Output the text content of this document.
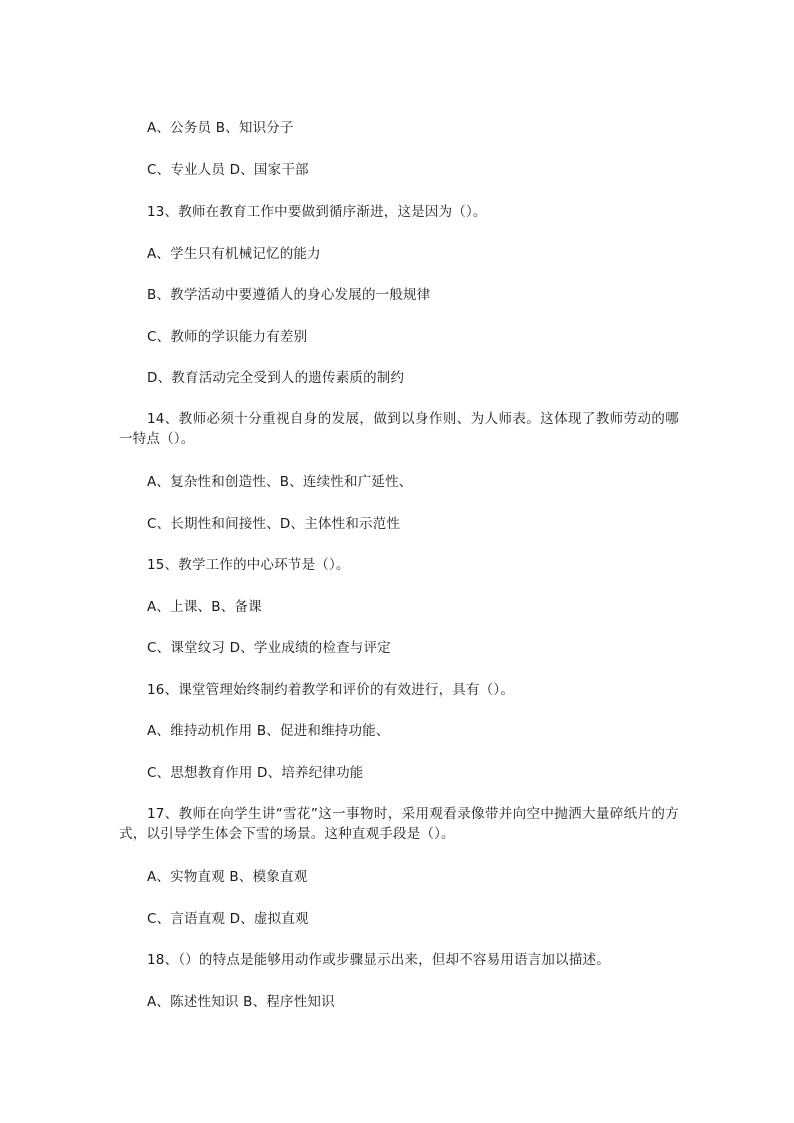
A、公务员 B、知识分子
C、专业人员 D、国家干部
13、教师在教育工作中要做到循序渐进，这是因为（）。
A、学生只有机械记忆的能力
B、教学活动中要遵循人的身心发展的一般规律
C、教师的学识能力有差别
D、教育活动完全受到人的遗传素质的制约
14、教师必须十分重视自身的发展，做到以身作则、为人师表。这体现了教师劳动的哪一特点（）。
A、复杂性和创造性、B、连续性和广延性、
C、长期性和间接性、D、主体性和示范性
15、教学工作的中心环节是（）。
A、上课、B、备课
C、课堂纹习 D、学业成绩的检查与评定
16、课堂管理始终制约着教学和评价的有效进行，具有（）。
A、维持动机作用 B、促进和维持功能、
C、思想教育作用 D、培养纪律功能
17、教师在向学生讲“雪花”这一事物时，采用观看录像带并向空中抛洒大量碎纸片的方式，以引导学生体会下雪的场景。这种直观手段是（）。
A、实物直观 B、模象直观
C、言语直观 D、虚拟直观
18、（）的特点是能够用动作或步骤显示出来，但却不容易用语言加以描述。
A、陈述性知识 B、程序性知识
